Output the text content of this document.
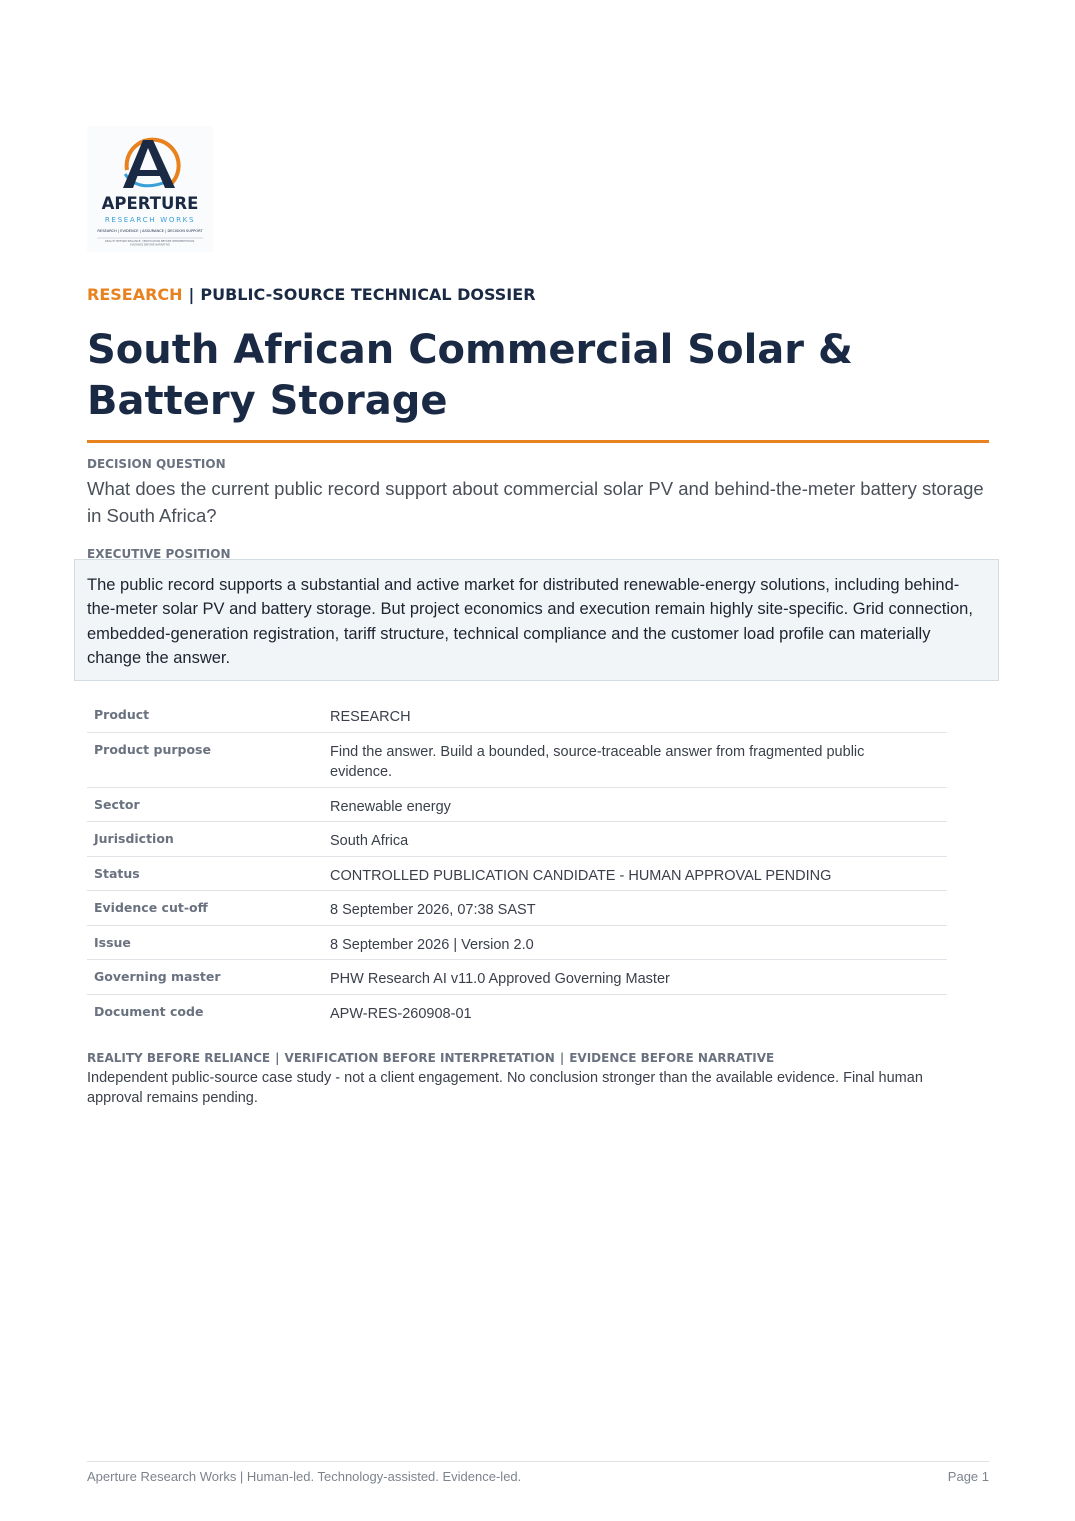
APERTURE
RESEARCH WORKS
RESEARCH | EVIDENCE | ASSURANCE | DECISION SUPPORT
REALITY BEFORE RELIANCE, VERIFICATION BEFORE INTERPRETATION,
EVIDENCE BEFORE NARRATIVE
RESEARCH | PUBLIC-SOURCE TECHNICAL DOSSIER
South African Commercial Solar & Battery Storage
DECISION QUESTION
What does the current public record support about commercial solar PV and behind-the-meter battery storage in South Africa?
EXECUTIVE POSITION

The public record supports a substantial and active market for distributed renewable-energy solutions, including behind-the-meter solar PV and battery storage. But project economics and execution remain highly site-specific. Grid connection, embedded-generation registration, tariff structure, technical compliance and the customer load profile can materially change the answer.

Product	RESEARCH
Product purpose	Find the answer. Build a bounded, source-traceable answer from fragmented public evidence.
Sector	Renewable energy
Jurisdiction	South Africa
Status	CONTROLLED PUBLICATION CANDIDATE - HUMAN APPROVAL PENDING
Evidence cut-off	8 September 2026, 07:38 SAST
Issue	8 September 2026 | Version 2.0
Governing master	PHW Research AI v11.0 Approved Governing Master
Document code	APW-RES-260908-01
REALITY BEFORE RELIANCE | VERIFICATION BEFORE INTERPRETATION | EVIDENCE BEFORE NARRATIVE
Independent public-source case study - not a client engagement. No conclusion stronger than the available evidence. Final human approval remains pending.
Aperture Research Works | Human-led. Technology-assisted. Evidence-led.	Page 1
